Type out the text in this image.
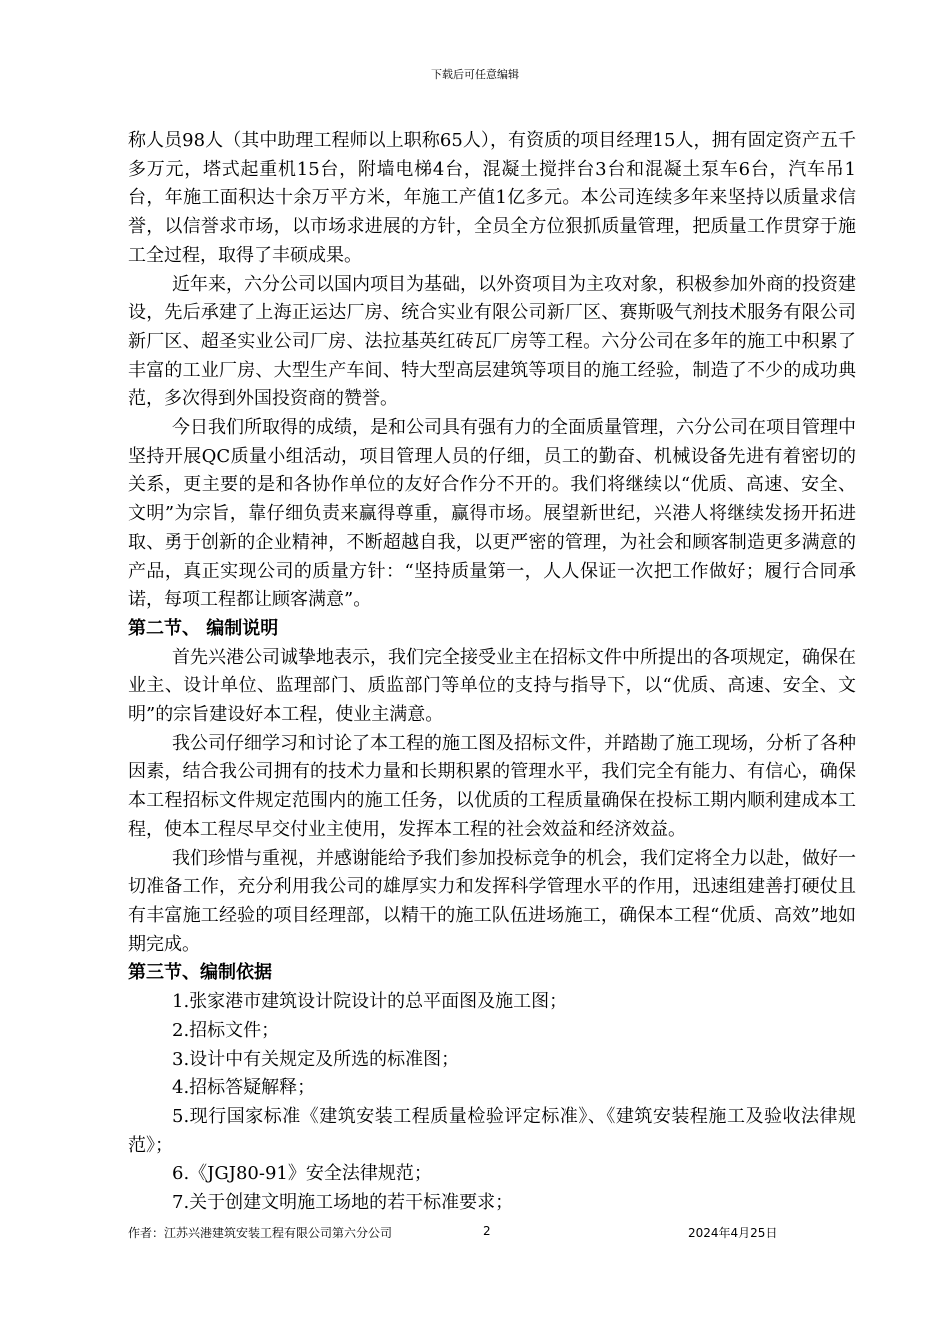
下载后可任意编辑

称人员98人（其中助理工程师以上职称65人），有资质的项目经理15人，拥有固定资产五千多万元，塔式起重机15台，附墙电梯4台，混凝土搅拌台3台和混凝土泵车6台，汽车吊1台，年施工面积达十余万平方米，年施工产值1亿多元。本公司连续多年来坚持以质量求信誉，以信誉求市场，以市场求进展的方针，全员全方位狠抓质量管理，把质量工作贯穿于施工全过程，取得了丰硕成果。

近年来，六分公司以国内项目为基础，以外资项目为主攻对象，积极参加外商的投资建设，先后承建了上海正运达厂房、统合实业有限公司新厂区、赛斯吸气剂技术服务有限公司新厂区、超圣实业公司厂房、法拉基英红砖瓦厂房等工程。六分公司在多年的施工中积累了丰富的工业厂房、大型生产车间、特大型高层建筑等项目的施工经验，制造了不少的成功典范，多次得到外国投资商的赞誉。

今日我们所取得的成绩，是和公司具有强有力的全面质量管理，六分公司在项目管理中坚持开展QC质量小组活动，项目管理人员的仔细，员工的勤奋、机械设备先进有着密切的关系，更主要的是和各协作单位的友好合作分不开的。我们将继续以“优质、高速、安全、文明”为宗旨，靠仔细负责来赢得尊重，赢得市场。展望新世纪，兴港人将继续发扬开拓进取、勇于创新的企业精神，不断超越自我，以更严密的管理，为社会和顾客制造更多满意的产品，真正实现公司的质量方针：“坚持质量第一，人人保证一次把工作做好；履行合同承诺，每项工程都让顾客满意”。

第二节、 编制说明

首先兴港公司诚挚地表示，我们完全接受业主在招标文件中所提出的各项规定，确保在业主、设计单位、监理部门、质监部门等单位的支持与指导下，以“优质、高速、安全、文明”的宗旨建设好本工程，使业主满意。

我公司仔细学习和讨论了本工程的施工图及招标文件，并踏勘了施工现场，分析了各种因素，结合我公司拥有的技术力量和长期积累的管理水平，我们完全有能力、有信心，确保本工程招标文件规定范围内的施工任务，以优质的工程质量确保在投标工期内顺利建成本工程，使本工程尽早交付业主使用，发挥本工程的社会效益和经济效益。

我们珍惜与重视，并感谢能给予我们参加投标竞争的机会，我们定将全力以赴，做好一切准备工作，充分利用我公司的雄厚实力和发挥科学管理水平的作用，迅速组建善打硬仗且有丰富施工经验的项目经理部，以精干的施工队伍进场施工，确保本工程“优质、高效”地如期完成。

第三节、编制依据

1.张家港市建筑设计院设计的总平面图及施工图；

2.招标文件；

3.设计中有关规定及所选的标准图；

4.招标答疑解释；

5.现行国家标准《建筑安装工程质量检验评定标准》、《建筑安装程施工及验收法律规范》；

6.《JGJ80-91》安全法律规范；

7.关于创建文明施工场地的若干标准要求；

作者：江苏兴港建筑安装工程有限公司第六分公司	2	2024年4月25日
